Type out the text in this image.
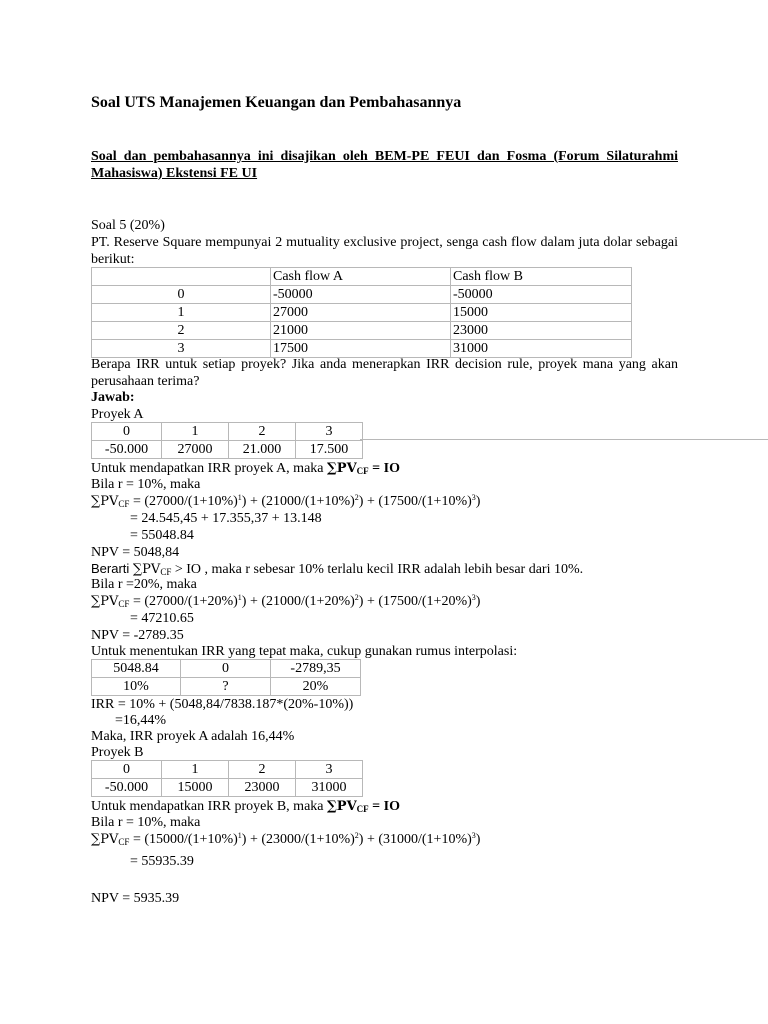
Soal UTS Manajemen Keuangan dan Pembahasannya
Soal dan pembahasannya ini disajikan oleh BEM-PE FEUI dan Fosma (Forum Silaturahmi Mahasiswa) Ekstensi FE UI
Soal 5 (20%)
PT. Reserve Square mempunyai 2 mutuality exclusive project, senga cash flow dalam juta dolar sebagai berikut:
	Cash flow A	Cash flow B
0	-50000	-50000
1	27000	15000
2	21000	23000
3	17500	31000
Berapa IRR untuk setiap proyek? Jika anda menerapkan IRR decision rule, proyek mana yang akan perusahaan terima?
Jawab:
Proyek A
0	1	2	3
-50.000	27000	21.000	17.500
Untuk mendapatkan IRR proyek A, maka $\sum PV_{CF}$ = IO
Bila r = 10%, maka
$\sum PV_{CF} = (27000/(1+10\%)^1) + (21000/(1+10\%)^2) + (17500/(1+10\%)^3)$
= 24.545,45 + 17.355,37 + 13.148
= 55048.84
NPV = 5048,84
Berarti $\sum PV_{CF}$ > IO , maka r sebesar 10% terlalu kecil IRR adalah lebih besar dari 10%.
Bila r =20%, maka
$\sum PV_{CF} = (27000/(1+20\%)^1) + (21000/(1+20\%)^2) + (17500/(1+20\%)^3)$
= 47210.65
NPV = -2789.35
Untuk menentukan IRR yang tepat maka, cukup gunakan rumus interpolasi:
5048.84	0	-2789,35
10%	?	20%
IRR = 10% + (5048,84/7838.187*(20%-10%))
=16,44%
Maka, IRR proyek A adalah 16,44%
Proyek B
0	1	2	3
-50.000	15000	23000	31000
Untuk mendapatkan IRR proyek B, maka $\sum PV_{CF}$ = IO
Bila r = 10%, maka
$\sum PV_{CF} = (15000/(1+10\%)^1) + (23000/(1+10\%)^2) + (31000/(1+10\%)^3)$
= 55935.39
NPV = 5935.39
